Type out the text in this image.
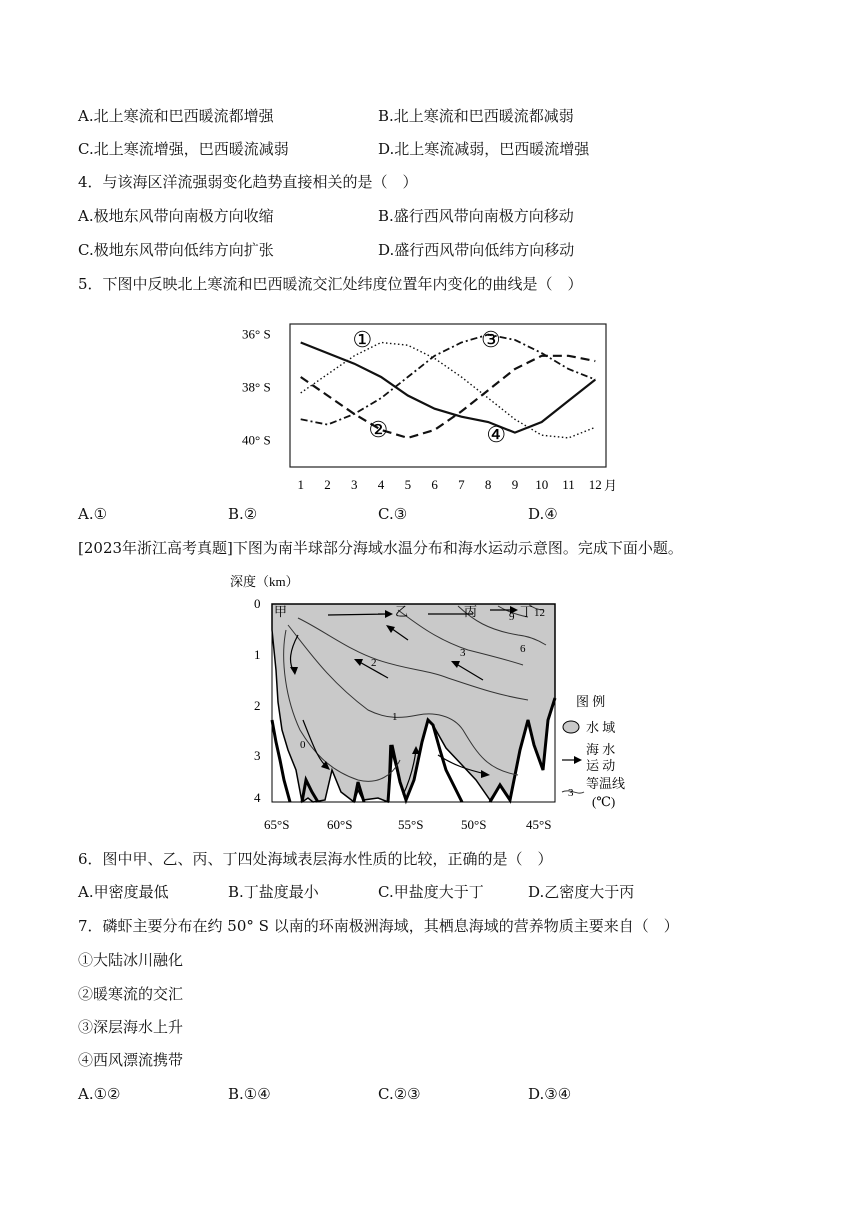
A.北上寒流和巴西暖流都增强	B.北上寒流和巴西暖流都减弱
C.北上寒流增强，巴西暖流减弱	D.北上寒流减弱，巴西暖流增强
4．与该海区洋流强弱变化趋势直接相关的是（　）
A.极地东风带向南极方向收缩	B.盛行西风带向南极方向移动
C.极地东风带向低纬方向扩张	D.盛行西风带向低纬方向移动
5．下图中反映北上寒流和巴西暖流交汇处纬度位置年内变化的曲线是（　）
36° S
38° S
40° S
1 2 3 4 5 6 7 8 9 10 11 12
①
②
③
④
月
A.①	B.②	C.③	D.④
[2023年浙江高考真题]下图为南半球部分海域水温分布和海水运动示意图。完成下面小题。
深度（km）
0
1
2
3
4
甲	乙	丙	丁
0
1
2
3	6
9 12
65°S	60°S	55°S	50°S	45°S
图 例
水 域
海 水
运 动
等温线
(℃)
3
6．图中甲、乙、丙、丁四处海域表层海水性质的比较，正确的是（　）
A.甲密度最低	B.丁盐度最小	C.甲盐度大于丁	D.乙密度大于丙
7．磷虾主要分布在约 50° S 以南的环南极洲海域，其栖息海域的营养物质主要来自（　）
①大陆冰川融化
②暖寒流的交汇
③深层海水上升
④西风漂流携带
A.①②	B.①④	C.②③	D.③④
